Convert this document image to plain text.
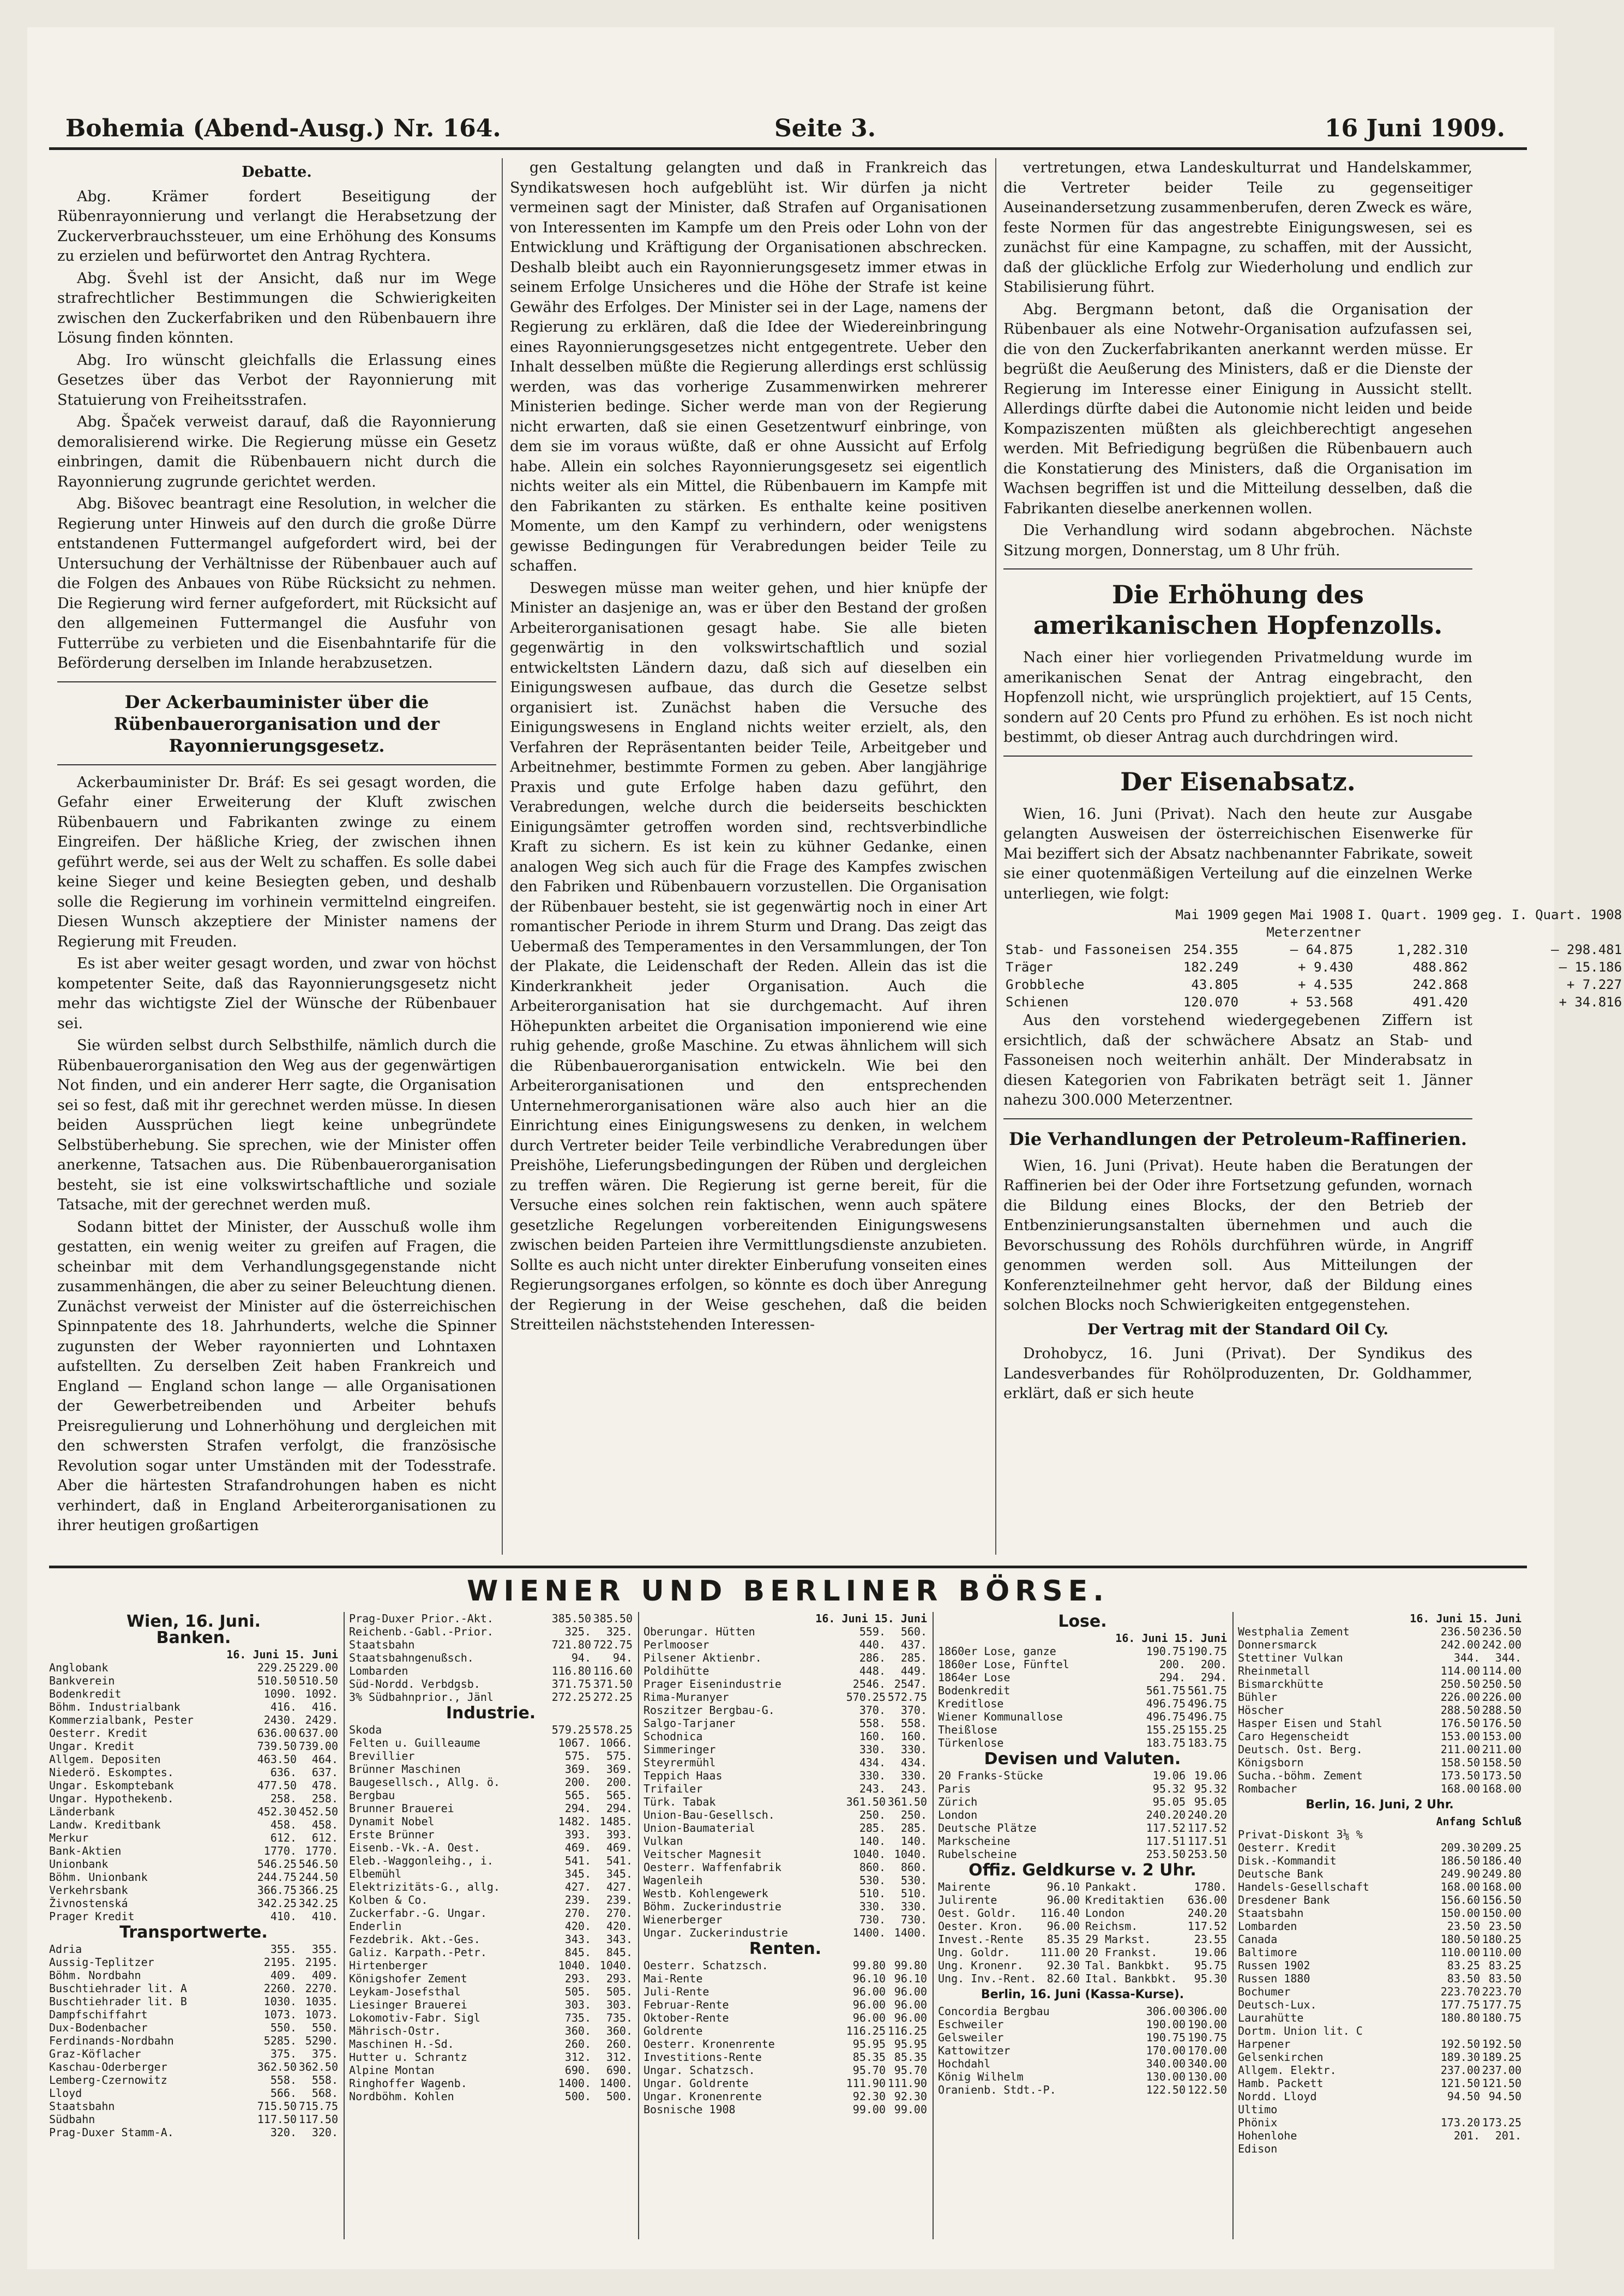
Bohemia (Abend-Ausg.) Nr. 164.	Seite 3.	16 Juni 1909.
Debatte.

Abg. Krämer fordert Beseitigung der Rübenrayonnierung und verlangt die Herabsetzung der Zuckerverbrauchssteuer, um eine Erhöhung des Konsums zu erzielen und befürwortet den Antrag Rychtera.

Abg. Švehl ist der Ansicht, daß nur im Wege strafrechtlicher Bestimmungen die Schwierigkeiten zwischen den Zuckerfabriken und den Rübenbauern ihre Lösung finden könnten.

Abg. Iro wünscht gleichfalls die Erlassung eines Gesetzes über das Verbot der Rayonnierung mit Statuierung von Freiheitsstrafen.

Abg. Špaček verweist darauf, daß die Rayonnierung demoralisierend wirke. Die Regierung müsse ein Gesetz einbringen, damit die Rübenbauern nicht durch die Rayonnierung zugrunde gerichtet werden.

Abg. Bišovec beantragt eine Resolution, in welcher die Regierung unter Hinweis auf den durch die große Dürre entstandenen Futtermangel aufgefordert wird, bei der Untersuchung der Verhältnisse der Rübenbauer auch auf die Folgen des Anbaues von Rübe Rücksicht zu nehmen. Die Regierung wird ferner aufgefordert, mit Rücksicht auf den allgemeinen Futtermangel die Ausfuhr von Futterrübe zu verbieten und die Eisenbahntarife für die Beförderung derselben im Inlande herabzusetzen.

Der Ackerbauminister über die Rübenbauerorganisation und der Rayonnierungsgesetz.

Ackerbauminister Dr. Bráf: Es sei gesagt worden, die Gefahr einer Erweiterung der Kluft zwischen Rübenbauern und Fabrikanten zwinge zu einem Eingreifen. Der häßliche Krieg, der zwischen ihnen geführt werde, sei aus der Welt zu schaffen. Es solle dabei keine Sieger und keine Besiegten geben, und deshalb solle die Regierung im vorhinein vermittelnd eingreifen. Diesen Wunsch akzeptiere der Minister namens der Regierung mit Freuden.

Es ist aber weiter gesagt worden, und zwar von höchst kompetenter Seite, daß das Rayonnierungsgesetz nicht mehr das wichtigste Ziel der Wünsche der Rübenbauer sei.

Sie würden selbst durch Selbsthilfe, nämlich durch die Rübenbauerorganisation den Weg aus der gegenwärtigen Not finden, und ein anderer Herr sagte, die Organisation sei so fest, daß mit ihr gerechnet werden müsse. In diesen beiden Aussprüchen liegt keine unbegründete Selbstüberhebung. Sie sprechen, wie der Minister offen anerkenne, Tatsachen aus. Die Rübenbauerorganisation besteht, sie ist eine volkswirtschaftliche und soziale Tatsache, mit der gerechnet werden muß.

Sodann bittet der Minister, der Ausschuß wolle ihm gestatten, ein wenig weiter zu greifen auf Fragen, die scheinbar mit dem Verhandlungsgegenstande nicht zusammenhängen, die aber zu seiner Beleuchtung dienen. Zunächst verweist der Minister auf die österreichischen Spinnpatente des 18. Jahrhunderts, welche die Spinner zugunsten der Weber rayonnierten und Lohntaxen aufstellten. Zu derselben Zeit haben Frankreich und England — England schon lange — alle Organisationen der Gewerbetreibenden und Arbeiter behufs Preisregulierung und Lohnerhöhung und dergleichen mit den schwersten Strafen verfolgt, die französische Revolution sogar unter Umständen mit der Todesstrafe. Aber die härtesten Strafandrohungen haben es nicht verhindert, daß in England Arbeiterorganisationen zu ihrer heutigen großartigen

gen Gestaltung gelangten und daß in Frankreich das Syndikatswesen hoch aufgeblüht ist. Wir dürfen ja nicht vermeinen sagt der Minister, daß Strafen auf Organisationen von Interessenten im Kampfe um den Preis oder Lohn von der Entwicklung und Kräftigung der Organisationen abschrecken. Deshalb bleibt auch ein Rayonnierungsgesetz immer etwas in seinem Erfolge Unsicheres und die Höhe der Strafe ist keine Gewähr des Erfolges. Der Minister sei in der Lage, namens der Regierung zu erklären, daß die Idee der Wiedereinbringung eines Rayonnierungsgesetzes nicht entgegentrete. Ueber den Inhalt desselben müßte die Regierung allerdings erst schlüssig werden, was das vorherige Zusammenwirken mehrerer Ministerien bedinge. Sicher werde man von der Regierung nicht erwarten, daß sie einen Gesetzentwurf einbringe, von dem sie im voraus wüßte, daß er ohne Aussicht auf Erfolg habe. Allein ein solches Rayonnierungsgesetz sei eigentlich nichts weiter als ein Mittel, die Rübenbauern im Kampfe mit den Fabrikanten zu stärken. Es enthalte keine positiven Momente, um den Kampf zu verhindern, oder wenigstens gewisse Bedingungen für Verabredungen beider Teile zu schaffen.

Deswegen müsse man weiter gehen, und hier knüpfe der Minister an dasjenige an, was er über den Bestand der großen Arbeiterorganisationen gesagt habe. Sie alle bieten gegenwärtig in den volkswirtschaftlich und sozial entwickeltsten Ländern dazu, daß sich auf dieselben ein Einigungswesen aufbaue, das durch die Gesetze selbst organisiert ist. Zunächst haben die Versuche des Einigungswesens in England nichts weiter erzielt, als, den Verfahren der Repräsentanten beider Teile, Arbeitgeber und Arbeitnehmer, bestimmte Formen zu geben. Aber langjährige Praxis und gute Erfolge haben dazu geführt, den Verabredungen, welche durch die beiderseits beschickten Einigungsämter getroffen worden sind, rechtsverbindliche Kraft zu sichern. Es ist kein zu kühner Gedanke, einen analogen Weg sich auch für die Frage des Kampfes zwischen den Fabriken und Rübenbauern vorzustellen. Die Organisation der Rübenbauer besteht, sie ist gegenwärtig noch in einer Art romantischer Periode in ihrem Sturm und Drang. Das zeigt das Uebermaß des Temperamentes in den Versammlungen, der Ton der Plakate, die Leidenschaft der Reden. Allein das ist die Kinderkrankheit jeder Organisation. Auch die Arbeiterorganisation hat sie durchgemacht. Auf ihren Höhepunkten arbeitet die Organisation imponierend wie eine ruhig gehende, große Maschine. Zu etwas ähnlichem will sich die Rübenbauerorganisation entwickeln. Wie bei den Arbeiterorganisationen und den entsprechenden Unternehmerorganisationen wäre also auch hier an die Einrichtung eines Einigungswesens zu denken, in welchem durch Vertreter beider Teile verbindliche Verabredungen über Preishöhe, Lieferungsbedingungen der Rüben und dergleichen zu treffen wären. Die Regierung ist gerne bereit, für die Versuche eines solchen rein faktischen, wenn auch spätere gesetzliche Regelungen vorbereitenden Einigungswesens zwischen beiden Parteien ihre Vermittlungsdienste anzubieten. Sollte es auch nicht unter direkter Einberufung vonseiten eines Regierungsorganes erfolgen, so könnte es doch über Anregung der Regierung in der Weise geschehen, daß die beiden Streitteilen nächststehenden Interessen-

vertretungen, etwa Landeskulturrat und Handelskammer, die Vertreter beider Teile zu gegenseitiger Auseinandersetzung zusammenberufen, deren Zweck es wäre, feste Normen für das angestrebte Einigungswesen, sei es zunächst für eine Kampagne, zu schaffen, mit der Aussicht, daß der glückliche Erfolg zur Wiederholung und endlich zur Stabilisierung führt.

Abg. Bergmann betont, daß die Organisation der Rübenbauer als eine Notwehr-Organisation aufzufassen sei, die von den Zuckerfabrikanten anerkannt werden müsse. Er begrüßt die Aeußerung des Ministers, daß er die Dienste der Regierung im Interesse einer Einigung in Aussicht stellt. Allerdings dürfte dabei die Autonomie nicht leiden und beide Kompaziszenten müßten als gleichberechtigt angesehen werden. Mit Befriedigung begrüßen die Rübenbauern auch die Konstatierung des Ministers, daß die Organisation im Wachsen begriffen ist und die Mitteilung desselben, daß die Fabrikanten dieselbe anerkennen wollen.

Die Verhandlung wird sodann abgebrochen. Nächste Sitzung morgen, Donnerstag, um 8 Uhr früh.

Die Erhöhung des amerikanischen Hopfenzolls.

Nach einer hier vorliegenden Privatmeldung wurde im amerikanischen Senat der Antrag eingebracht, den Hopfenzoll nicht, wie ursprünglich projektiert, auf 15 Cents, sondern auf 20 Cents pro Pfund zu erhöhen. Es ist noch nicht bestimmt, ob dieser Antrag auch durchdringen wird.

Der Eisenabsatz.

Wien, 16. Juni (Privat). Nach den heute zur Ausgabe gelangten Ausweisen der österreichischen Eisenwerke für Mai beziffert sich der Absatz nachbenannter Fabrikate, soweit sie einer quotenmäßigen Verteilung auf die einzelnen Werke unterliegen, wie folgt:

	Mai 1909	gegen Mai 1908	I. Quart. 1909	geg. I. Quart. 1908
Meterzentner				
Stab- und Fassoneisen	254.355	— 64.875	1,282.310	— 298.481
Träger	182.249	+ 9.430	488.862	— 15.186
Grobbleche	43.805	+ 4.535	242.868	+ 7.227
Schienen	120.070	+ 53.568	491.420	+ 34.816

Aus den vorstehend wiedergegebenen Ziffern ist ersichtlich, daß der schwächere Absatz an Stab- und Fassoneisen noch weiterhin anhält. Der Minderabsatz in diesen Kategorien von Fabrikaten beträgt seit 1. Jänner nahezu 300.000 Meterzentner.

Die Verhandlungen der Petroleum-Raffinerien.

Wien, 16. Juni (Privat). Heute haben die Beratungen der Raffinerien bei der Oder ihre Fortsetzung gefunden, wornach die Bildung eines Blocks, der den Betrieb der Entbenzinierungsanstalten übernehmen und auch die Bevorschussung des Rohöls durchführen würde, in Angriff genommen werden soll. Aus Mitteilungen der Konferenzteilnehmer geht hervor, daß der Bildung eines solchen Blocks noch Schwierigkeiten entgegenstehen.

Der Vertrag mit der Standard Oil Cy.

Drohobycz, 16. Juni (Privat). Der Syndikus des Landesverbandes für Rohölproduzenten, Dr. Goldhammer, erklärt, daß er sich heute

WIENER UND BERLINER BÖRSE.
Wien, 16. Juni.
Banken.
16. Juni 15. Juni
Anglobank	229.25 229.00
Bankverein	510.50 510.50
Bodenkredit	1090. 1092.
Böhm. Industrialbank	416.	416.
Kommerzialbank, Pester	2430. 2429.
Oesterr. Kredit	636.00 637.00
Ungar. Kredit	739.50 739.00
Allgem. Depositen	463.50	464.
Niederö. Eskomptes.	636.	637.
Ungar. Eskomptebank	477.50	478.
Ungar. Hypothekenb.	258.	258.
Länderbank	452.30 452.50
Landw. Kreditbank	458.	458.
Merkur	612.	612.
Bank-Aktien	1770. 1770.
Unionbank	546.25 546.50
Böhm. Unionbank	244.75 244.50
Verkehrsbank	366.75 366.25
Živnostenská	342.25 342.25
Prager Kredit	410.	410.
Transportwerte.
Adria	355.	355.
Aussig-Teplitzer	2195. 2195.
Böhm. Nordbahn	409.	409.
Buschtiehrader lit. A	2260. 2270.
Buschtiehrader lit. B	1030. 1035.
Dampfschiffahrt	1073. 1073.
Dux-Bodenbacher	550.	550.
Ferdinands-Nordbahn	5285. 5290.
Graz-Köflacher	375.	375.
Kaschau-Oderberger	362.50 362.50
Lemberg-Czernowitz	558.	558.
Lloyd	566.	568.
Staatsbahn	715.50 715.75
Südbahn	117.50 117.50
Prag-Duxer Stamm-A.	320.	320.
Prag-Duxer Prior.-Akt.	385.50 385.50
Reichenb.-Gabl.-Prior.	325.	325.
Staatsbahn	721.80 722.75
Staatsbahngenußsch.	94.	94.
Lombarden	116.80 116.60
Süd-Nordd. Verbdgsb.	371.75 371.50
3% Südbahnprior., Jänl	272.25 272.25
Industrie.
Skoda	579.25 578.25
Felten u. Guilleaume	1067. 1066.
Brevillier	575.	575.
Brünner Maschinen	369.	369.
Baugesellsch., Allg. ö.	200.	200.
Bergbau	565.	565.
Brunner Brauerei	294.	294.
Dynamit Nobel	1482. 1485.
Erste Brünner	393.	393.
Eisenb.-Vk.-A. Oest.	469.	469.
Eleb.-Waggonleihg., i.	541.	541.
Elbemühl	345.	345.
Elektrizitäts-G., allg.	427.	427.
Kolben & Co.	239.	239.
Zuckerfabr.-G. Ungar.	270.	270.
Enderlin	420.	420.
Fezdebrik. Akt.-Ges.	343.	343.
Galiz. Karpath.-Petr.	845.	845.
Hirtenberger	1040. 1040.
Königshofer Zement	293.	293.
Leykam-Josefsthal	505.	505.
Liesinger Brauerei	303.	303.
Lokomotiv-Fabr. Sigl	735.	735.
Mährisch-Ostr.	360.	360.
Maschinen H.-Sd.	260.	260.
Hutter u. Schrantz	312.	312.
Alpine Montan	690.	690.
Ringhoffer Wagenb.	1400. 1400.
Nordböhm. Kohlen	500.	500.
16. Juni 15. Juni
Oberungar. Hütten	559.	560.
Perlmooser	440.	437.
Pilsener Aktienbr.	286.	285.
Poldihütte	448.	449.
Prager Eisenindustrie	2546. 2547.
Rima-Muranyer	570.25 572.75
Roszitzer Bergbau-G.	370.	370.
Salgo-Tarjaner	558.	558.
Schodnica	160.	160.
Simmeringer	330.	330.
Steyrermühl	434.	434.
Teppich Haas	330.	330.
Trifailer	243.	243.
Türk. Tabak	361.50 361.50
Union-Bau-Gesellsch.	250.	250.
Union-Baumaterial	285.	285.
Vulkan	140.	140.
Veitscher Magnesit	1040. 1040.
Oesterr. Waffenfabrik	860.	860.
Wagenleih	530.	530.
Westb. Kohlengewerk	510.	510.
Böhm. Zuckerindustrie	330.	330.
Wienerberger	730.	730.
Ungar. Zuckerindustrie	1400. 1400.
Renten.
Oesterr. Schatzsch.	99.80 99.80
Mai-Rente	96.10 96.10
Juli-Rente	96.00 96.00
Februar-Rente	96.00 96.00
Oktober-Rente	96.00 96.00
Goldrente	116.25 116.25
Oesterr. Kronenrente	95.95 95.95
Investitions-Rente	85.35 85.35
Ungar. Schatzsch.	95.70 95.70
Ungar. Goldrente	111.90 111.90
Ungar. Kronenrente	92.30 92.30
Bosnische 1908	99.00 99.00
Lose.
16. Juni 15. Juni
1860er Lose, ganze	190.75 190.75
1860er Lose, Fünftel	200.	200.
1864er Lose	294.	294.
Bodenkredit	561.75 561.75
Kreditlose	496.75 496.75
Wiener Kommunallose	496.75 496.75
Theißlose	155.25 155.25
Türkenlose	183.75 183.75
Devisen und Valuten.
20 Franks-Stücke	19.06 19.06
Paris	95.32 95.32
Zürich	95.05 95.05
London	240.20 240.20
Deutsche Plätze	117.52 117.52
Markscheine	117.51 117.51
Rubelscheine	253.50 253.50
Offiz. Geldkurse v. 2 Uhr.
Mairente	96.10 Pankakt.	1780.
Julirente	96.00 Kreditaktien	636.00
Oest. Goldr.	116.40 London	240.20
Oester. Kron.	96.00 Reichsm.	117.52
Invest.-Rente	85.35 29 Markst.	23.55
Ung. Goldr.	111.00 20 Frankst.	19.06
Ung. Kronenr.	92.30 Tal. Bankbkt.	95.75
Ung. Inv.-Rent. 82.60 Ital. Bankbkt.	95.30
Berlin, 16. Juni (Kassa-Kurse).
Concordia Bergbau	306.00 306.00
Eschweiler	190.00 190.00
Gelsweiler	190.75 190.75
Kattowitzer	170.00 170.00
Hochdahl	340.00 340.00
König Wilhelm	130.00 130.00
Oranienb. Stdt.-P.	122.50 122.50
16. Juni 15. Juni
Westphalia Zement	236.50 236.50
Donnersmarck	242.00 242.00
Stettiner Vulkan	344.	344.
Rheinmetall	114.00 114.00
Bismarckhütte	250.50 250.50
Bühler	226.00 226.00
Höscher	288.50 288.50
Hasper Eisen und Stahl	176.50 176.50
Caro Hegenscheidt	153.00 153.00
Deutsch. Ost. Berg.	211.00 211.00
Königsborn	158.50 158.50
Sucha.-böhm. Zement	173.50 173.50
Rombacher	168.00 168.00
Berlin, 16. Juni, 2 Uhr.
Anfang Schluß
Privat-Diskont 3⅛ %
Oesterr. Kredit	209.30 209.25
Disk.-Kommandit	186.50 186.40
Deutsche Bank	249.90 249.80
Handels-Gesellschaft	168.00 168.00
Dresdener Bank	156.60 156.50
Staatsbahn	150.00 150.00
Lombarden	23.50 23.50
Canada	180.50 180.25
Baltimore	110.00 110.00
Russen 1902	83.25 83.25
Russen 1880	83.50 83.50
Bochumer	223.70 223.70
Deutsch-Lux.	177.75 177.75
Laurahütte	180.80 180.75
Dortm. Union lit. C
Harpener	192.50 192.50
Gelsenkirchen	189.30 189.25
Allgem. Elektr.	237.00 237.00
Hamb. Packett	121.50 121.50
Nordd. Lloyd	94.50 94.50
Ultimo
Phönix	173.20 173.25
Hohenlohe	201.	201.
Edison
